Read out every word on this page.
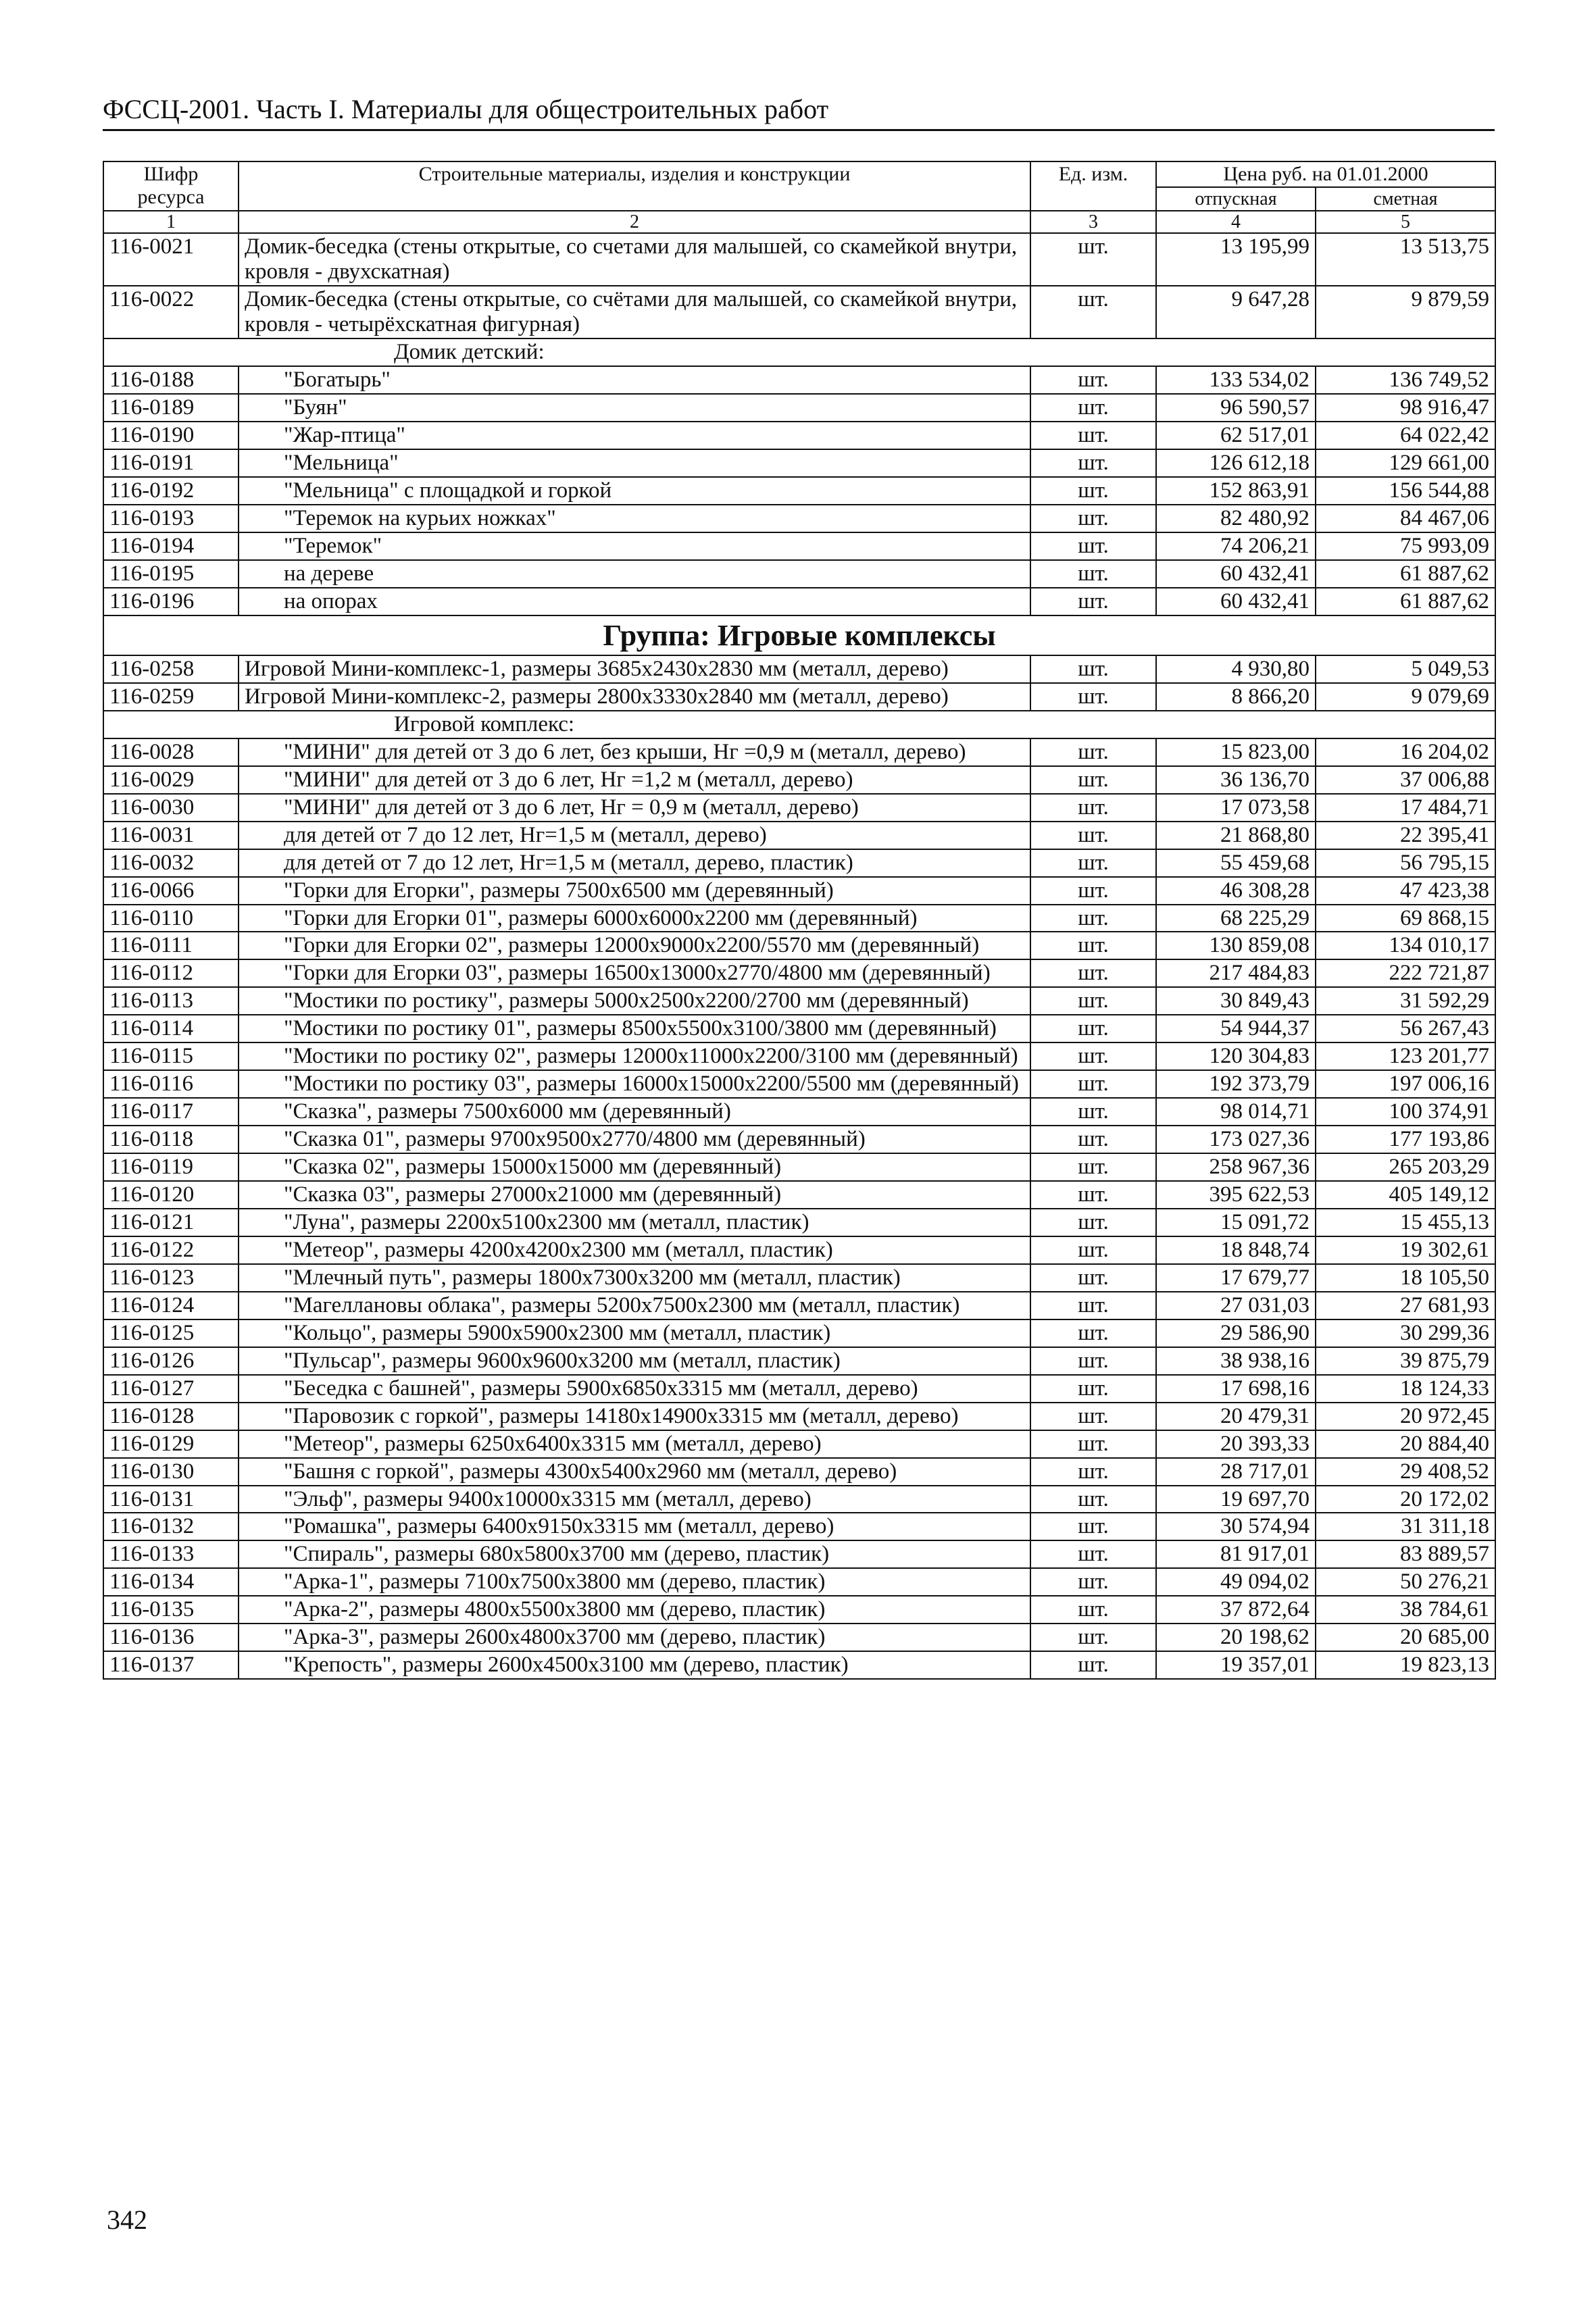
ФССЦ-2001. Часть I. Материалы для общестроительных работ
Шифр ресурса	Строительные материалы, изделия и конструкции	Ед. изм.	Цена руб. на 01.01.2000	
			отпускная	сметная
1	2	3	4	5
116-0021	Домик-беседка (стены открытые, со счетами для малышей, со скамейкой внутри, кровля - двухскатная)	шт.	13 195,99	13 513,75
116-0022	Домик-беседка (стены открытые, со счётами для малышей, со скамейкой внутри, кровля - четырёхскатная фигурная)	шт.	9 647,28	9 879,59
	Домик детский:			
116-0188	"Богатырь"	шт.	133 534,02	136 749,52
116-0189	"Буян"	шт.	96 590,57	98 916,47
116-0190	"Жар-птица"	шт.	62 517,01	64 022,42
116-0191	"Мельница"	шт.	126 612,18	129 661,00
116-0192	"Мельница" с площадкой и горкой	шт.	152 863,91	156 544,88
116-0193	"Теремок на курьих ножках"	шт.	82 480,92	84 467,06
116-0194	"Теремок"	шт.	74 206,21	75 993,09
116-0195	на дереве	шт.	60 432,41	61 887,62
116-0196	на опорах	шт.	60 432,41	61 887,62
Группа: Игровые комплексы				
116-0258	Игровой Мини-комплекс-1, размеры 3685x2430x2830 мм (металл, дерево)	шт.	4 930,80	5 049,53
116-0259	Игровой Мини-комплекс-2, размеры 2800x3330x2840 мм (металл, дерево)	шт.	8 866,20	9 079,69
	Игровой комплекс:			
116-0028	"МИНИ" для детей от 3 до 6 лет, без крыши, Нг =0,9 м (металл, дерево)	шт.	15 823,00	16 204,02
116-0029	"МИНИ" для детей от 3 до 6 лет, Нг =1,2 м (металл, дерево)	шт.	36 136,70	37 006,88
116-0030	"МИНИ" для детей от 3 до 6 лет, Нг = 0,9 м (металл, дерево)	шт.	17 073,58	17 484,71
116-0031	для детей от 7 до 12 лет, Нг=1,5 м (металл, дерево)	шт.	21 868,80	22 395,41
116-0032	для детей от 7 до 12 лет, Нг=1,5 м (металл, дерево, пластик)	шт.	55 459,68	56 795,15
116-0066	"Горки для Егорки", размеры 7500x6500 мм (деревянный)	шт.	46 308,28	47 423,38
116-0110	"Горки для Егорки 01", размеры 6000x6000x2200 мм (деревянный)	шт.	68 225,29	69 868,15
116-0111	"Горки для Егорки 02", размеры 12000x9000x2200/5570 мм (деревянный)	шт.	130 859,08	134 010,17
116-0112	"Горки для Егорки 03", размеры 16500x13000x2770/4800 мм (деревянный)	шт.	217 484,83	222 721,87
116-0113	"Мостики по ростику", размеры 5000x2500x2200/2700 мм (деревянный)	шт.	30 849,43	31 592,29
116-0114	"Мостики по ростику 01", размеры 8500x5500x3100/3800 мм (деревянный)	шт.	54 944,37	56 267,43
116-0115	"Мостики по ростику 02", размеры 12000x11000x2200/3100 мм (деревянный)	шт.	120 304,83	123 201,77
116-0116	"Мостики по ростику 03", размеры 16000x15000x2200/5500 мм (деревянный)	шт.	192 373,79	197 006,16
116-0117	"Сказка", размеры 7500x6000 мм (деревянный)	шт.	98 014,71	100 374,91
116-0118	"Сказка 01", размеры 9700x9500x2770/4800 мм (деревянный)	шт.	173 027,36	177 193,86
116-0119	"Сказка 02", размеры 15000x15000 мм (деревянный)	шт.	258 967,36	265 203,29
116-0120	"Сказка 03", размеры 27000x21000 мм (деревянный)	шт.	395 622,53	405 149,12
116-0121	"Луна", размеры 2200x5100x2300 мм (металл, пластик)	шт.	15 091,72	15 455,13
116-0122	"Метеор", размеры 4200x4200x2300 мм (металл, пластик)	шт.	18 848,74	19 302,61
116-0123	"Млечный путь", размеры 1800x7300x3200 мм (металл, пластик)	шт.	17 679,77	18 105,50
116-0124	"Магеллановы облака", размеры 5200x7500x2300 мм (металл, пластик)	шт.	27 031,03	27 681,93
116-0125	"Кольцо", размеры 5900x5900x2300 мм (металл, пластик)	шт.	29 586,90	30 299,36
116-0126	"Пульсар", размеры 9600x9600x3200 мм (металл, пластик)	шт.	38 938,16	39 875,79
116-0127	"Беседка с башней", размеры 5900x6850x3315 мм (металл, дерево)	шт.	17 698,16	18 124,33
116-0128	"Паровозик с горкой", размеры 14180x14900x3315 мм (металл, дерево)	шт.	20 479,31	20 972,45
116-0129	"Метеор", размеры 6250x6400x3315 мм (металл, дерево)	шт.	20 393,33	20 884,40
116-0130	"Башня с горкой", размеры 4300x5400x2960 мм (металл, дерево)	шт.	28 717,01	29 408,52
116-0131	"Эльф", размеры 9400x10000x3315 мм (металл, дерево)	шт.	19 697,70	20 172,02
116-0132	"Ромашка", размеры 6400x9150x3315 мм (металл, дерево)	шт.	30 574,94	31 311,18
116-0133	"Спираль", размеры 680x5800x3700 мм (дерево, пластик)	шт.	81 917,01	83 889,57
116-0134	"Арка-1", размеры 7100x7500x3800 мм (дерево, пластик)	шт.	49 094,02	50 276,21
116-0135	"Арка-2", размеры 4800x5500x3800 мм (дерево, пластик)	шт.	37 872,64	38 784,61
116-0136	"Арка-3", размеры 2600x4800x3700 мм (дерево, пластик)	шт.	20 198,62	20 685,00
116-0137	"Крепость", размеры 2600x4500x3100 мм (дерево, пластик)	шт.	19 357,01	19 823,13
342
